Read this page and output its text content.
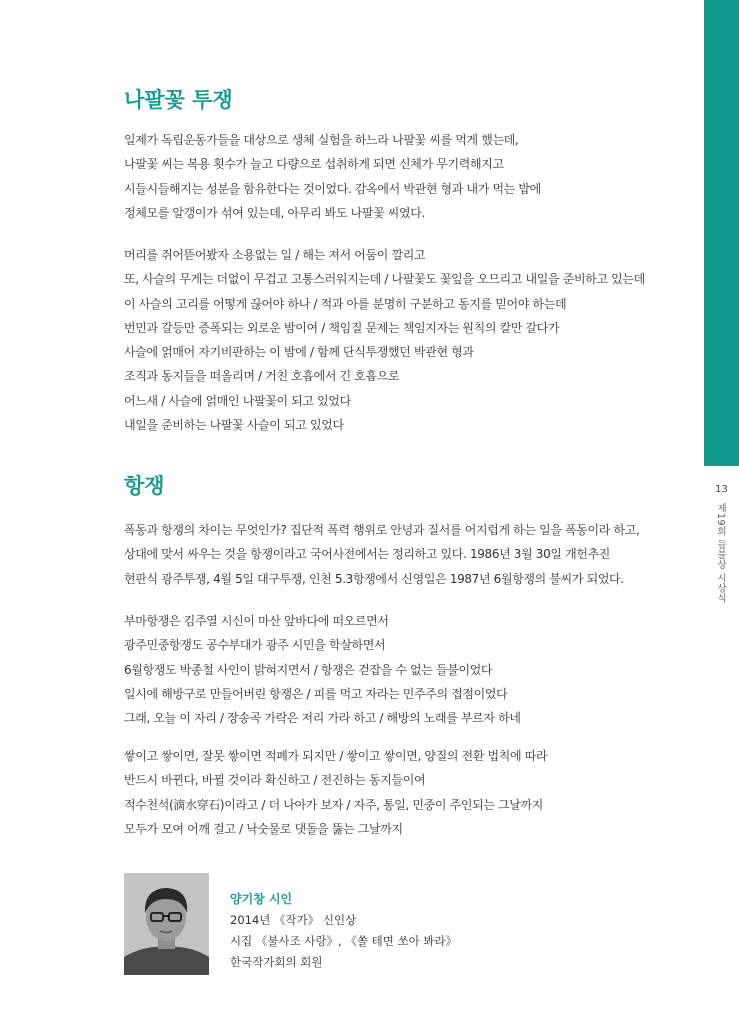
13
제19회 들불상 시상식
나팔꽃 투쟁

일제가 독립운동가들을 대상으로 생체 실험을 하느라 나팔꽃 씨를 먹게 했는데,

나팔꽃 씨는 복용 횟수가 늘고 다량으로 섭취하게 되면 신체가 무기력해지고

시들시들해지는 성분을 함유한다는 것이었다. 감옥에서 박관현 형과 내가 먹는 밥에

정체모를 알갱이가 섞여 있는데, 아무리 봐도 나팔꽃 씨였다.

머리를 쥐어뜯어봤자 소용없는 일 / 해는 져서 어둠이 깔리고

또, 사슬의 무게는 더없이 무겁고 고통스러워지는데 / 나팔꽃도 꽃잎을 오므리고 내일을 준비하고 있는데

이 사슬의 고리를 어떻게 끊어야 하나 / 적과 아를 분명히 구분하고 동지를 믿어야 하는데

번민과 갈등만 증폭되는 외로운 밤이여 / 책임질 문제는 책임지자는 원칙의 칼만 갈다가

사슬에 얽매어 자기비판하는 이 밤에 / 함께 단식투쟁했던 박관현 형과

조직과 동지들을 떠올리며 / 거친 호흡에서 긴 호흡으로

어느새 / 사슬에 얽매인 나팔꽃이 되고 있었다

내일을 준비하는 나팔꽃 사슬이 되고 있었다

항쟁

폭동과 항쟁의 차이는 무엇인가? 집단적 폭력 행위로 안녕과 질서를 어지럽게 하는 일을 폭동이라 하고,

상대에 맞서 싸우는 것을 항쟁이라고 국어사전에서는 정리하고 있다. 1986년 3월 30일 개헌추진

현판식 광주투쟁, 4월 5일 대구투쟁, 인천 5.3항쟁에서 신영일은 1987년 6월항쟁의 불씨가 되었다.

부마항쟁은 김주열 시신이 마산 앞바다에 떠오르면서

광주민중항쟁도 공수부대가 광주 시민을 학살하면서

6월항쟁도 박종철 사인이 밝혀지면서 / 항쟁은 걷잡을 수 없는 들불이었다

일시에 해방구로 만들어버린 항쟁은 / 피를 먹고 자라는 민주주의 접점이었다

그래, 오늘 이 자리 / 장송곡 가락은 저리 가라 하고 / 해방의 노래를 부르자 하네

쌓이고 쌓이면, 잘못 쌓이면 적폐가 되지만 / 쌓이고 쌓이면, 양질의 전환 법칙에 따라

반드시 바뀐다, 바뀔 것이라 확신하고 / 전진하는 동지들이여

적수천석(滴水穿石)이라고 / 더 나아가 보자 / 자주, 통일, 민중이 주인되는 그날까지

모두가 모여 어깨 걸고 / 낙숫물로 댓돌을 뚫는 그날까지

양기창 시인
2014년 《작가》 신인상
시집 《불사조 사랑》, 《쏠 테면 쏘아 봐라》
한국작가회의 회원
